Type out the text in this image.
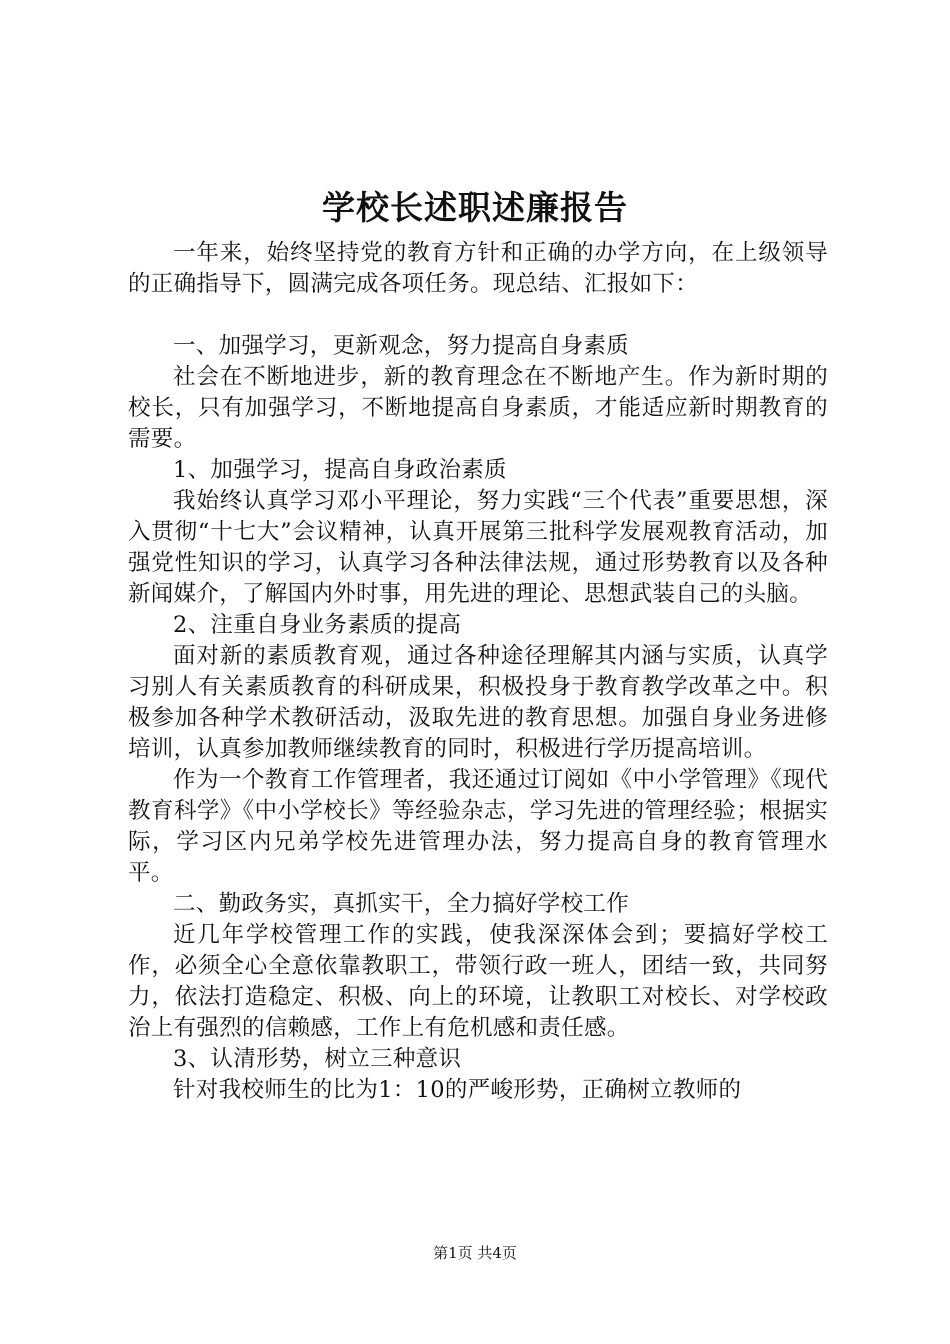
学校长述职述廉报告

一年来，始终坚持党的教育方针和正确的办学方向，在上级领导的正确指导下，圆满完成各项任务。现总结、汇报如下：

一、加强学习，更新观念，努力提高自身素质

社会在不断地进步，新的教育理念在不断地产生。作为新时期的校长，只有加强学习，不断地提高自身素质，才能适应新时期教育的需要。

1、加强学习，提高自身政治素质

我始终认真学习邓小平理论，努力实践“三个代表”重要思想，深入贯彻“十七大”会议精神，认真开展第三批科学发展观教育活动，加强党性知识的学习，认真学习各种法律法规，通过形势教育以及各种新闻媒介，了解国内外时事，用先进的理论、思想武装自己的头脑。

2、注重自身业务素质的提高

面对新的素质教育观，通过各种途径理解其内涵与实质，认真学习别人有关素质教育的科研成果，积极投身于教育教学改革之中。积极参加各种学术教研活动，汲取先进的教育思想。加强自身业务进修培训，认真参加教师继续教育的同时，积极进行学历提高培训。

作为一个教育工作管理者，我还通过订阅如《中小学管理》《现代教育科学》《中小学校长》等经验杂志，学习先进的管理经验；根据实际，学习区内兄弟学校先进管理办法，努力提高自身的教育管理水平。

二、勤政务实，真抓实干，全力搞好学校工作

近几年学校管理工作的实践，使我深深体会到；要搞好学校工作，必须全心全意依靠教职工，带领行政一班人，团结一致，共同努力，依法打造稳定、积极、向上的环境，让教职工对校长、对学校政治上有强烈的信赖感，工作上有危机感和责任感。

3、认清形势，树立三种意识

针对我校师生的比为1：10的严峻形势，正确树立教师的

第1页 共4页
